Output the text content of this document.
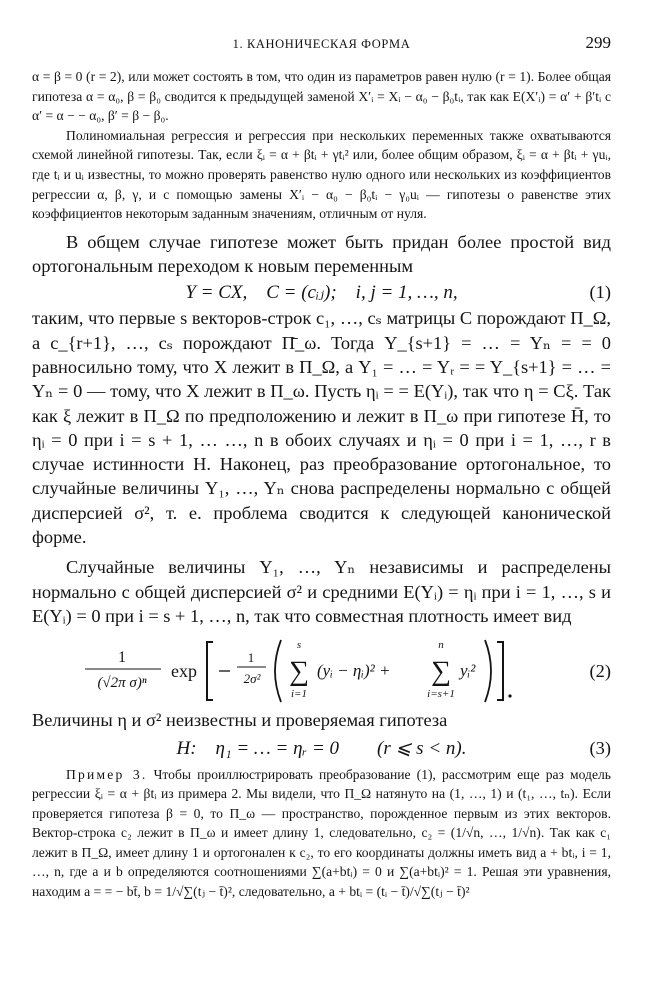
1. КАНОНИЧЕСКАЯ ФОРМА	299

α = β = 0 (r = 2), или может состоять в том, что один из параметров равен нулю (r = 1). Более общая гипотеза α = α₀, β = β₀ сводится к предыдущей заменой X′ᵢ = Xᵢ − α₀ − β₀tᵢ, так как E(X′ᵢ) = α′ + β′tᵢ с α′ = α − − α₀, β′ = β − β₀.

Полиномиальная регрессия и регрессия при нескольких переменных также охватываются схемой линейной гипотезы. Так, если ξᵢ = α + βtᵢ + γtᵢ² или, более общим образом, ξᵢ = α + βtᵢ + γuᵢ, где tᵢ и uᵢ известны, то можно проверять равенство нулю одного или нескольких из коэффициентов регрессии α, β, γ, и с помощью замены X′ᵢ − α₀ − β₀tᵢ − γ₀uᵢ — гипотезы о равенстве этих коэффициентов некоторым заданным значениям, отличным от нуля.

В общем случае гипотезе может быть придан более простой вид ортогональным переходом к новым переменным

Y = CX,    C = (cᵢⱼ);    i, j = 1, …, n,	(1)

таким, что первые s векторов-строк c₁, …, cₛ матрицы C порождают Π_Ω, а c_{r+1}, …, cₛ порождают Π̄_ω. Тогда Y_{s+1} = … = Yₙ = = 0 равносильно тому, что X лежит в Π_Ω, а Y₁ = … = Yᵣ = = Y_{s+1} = … = Yₙ = 0 — тому, что X лежит в Π_ω. Пусть ηᵢ = = E(Yᵢ), так что η = Cξ. Так как ξ лежит в Π_Ω по предположению и лежит в Π_ω при гипотезе H̄, то ηᵢ = 0 при i = s + 1, … …, n в обоих случаях и ηᵢ = 0 при i = 1, …, r в случае истинности H. Наконец, раз преобразование ортогональное, то случайные величины Y₁, …, Yₙ снова распределены нормально с общей дисперсией σ², т. е. проблема сводится к следующей канонической форме.

Случайные величины Y₁, …, Yₙ независимы и распределены нормально с общей дисперсией σ² и средними E(Yᵢ) = ηᵢ при i = 1, …, s и E(Yᵢ) = 0 при i = s + 1, …, n, так что совместная плотность имеет вид

1
(√2π σ)ⁿ
exp
1
2σ²
s
∑
i=1
(yᵢ − ηᵢ)² +
n
∑
i=s+1
yᵢ²	(2)

Величины η и σ² неизвестны и проверяемая гипотеза

H:    η₁ = … = ηᵣ = 0        (r ⩽ s < n).	(3)

Пример 3. Чтобы проиллюстрировать преобразование (1), рассмотрим еще раз модель регрессии ξᵢ = α + βtᵢ из примера 2. Мы видели, что Π_Ω натянуто на (1, …, 1) и (t₁, …, tₙ). Если проверяется гипотеза β = 0, то Π_ω — пространство, порожденное первым из этих векторов. Вектор-строка c₂ лежит в Π_ω и имеет длину 1, следовательно, c₂ = (1/√n, …, 1/√n). Так как c₁ лежит в Π_Ω, имеет длину 1 и ортогонален к c₂, то его координаты должны иметь вид a + btᵢ, i = 1, …, n, где a и b определяются соотношениями ∑(a+btᵢ) = 0 и ∑(a+btᵢ)² = 1. Решая эти уравнения, находим a = = − bt̄, b = 1/√∑(tⱼ − t̄)², следовательно, a + btᵢ = (tᵢ − t̄)/√∑(tⱼ − t̄)²
